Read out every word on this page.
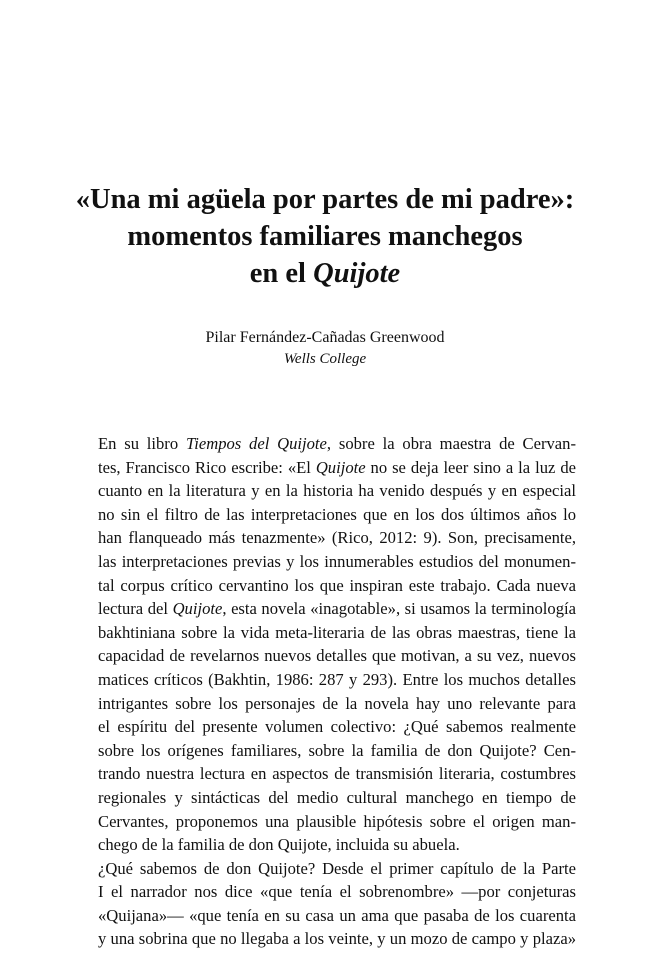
«Una mi agüela por partes de mi padre»:
momentos familiares manchegos
en el Quijote
Pilar Fernández-Cañadas Greenwood
Wells College

En su libro Tiempos del Quijote, sobre la obra maestra de Cervan-
tes, Francisco Rico escribe: «El Quijote no se deja leer sino a la luz de
cuanto en la literatura y en la historia ha venido después y en especial
no sin el filtro de las interpretaciones que en los dos últimos años lo
han flanqueado más tenazmente» (Rico, 2012: 9). Son, precisamente,
las interpretaciones previas y los innumerables estudios del monumen-
tal corpus crítico cervantino los que inspiran este trabajo. Cada nueva
lectura del Quijote, esta novela «inagotable», si usamos la terminología
bakhtiniana sobre la vida meta-literaria de las obras maestras, tiene la
capacidad de revelarnos nuevos detalles que motivan, a su vez, nuevos
matices críticos (Bakhtin, 1986: 287 y 293). Entre los muchos detalles
intrigantes sobre los personajes de la novela hay uno relevante para
el espíritu del presente volumen colectivo: ¿Qué sabemos realmente
sobre los orígenes familiares, sobre la familia de don Quijote? Cen-
trando nuestra lectura en aspectos de transmisión literaria, costumbres
regionales y sintácticas del medio cultural manchego en tiempo de
Cervantes, proponemos una plausible hipótesis sobre el origen man-
chego de la familia de don Quijote, incluida su abuela.

¿Qué sabemos de don Quijote? Desde el primer capítulo de la Parte
I el narrador nos dice «que tenía el sobrenombre» —por conjeturas
«Quijana»— «que tenía en su casa un ama que pasaba de los cuarenta
y una sobrina que no llegaba a los veinte, y un mozo de campo y plaza»
